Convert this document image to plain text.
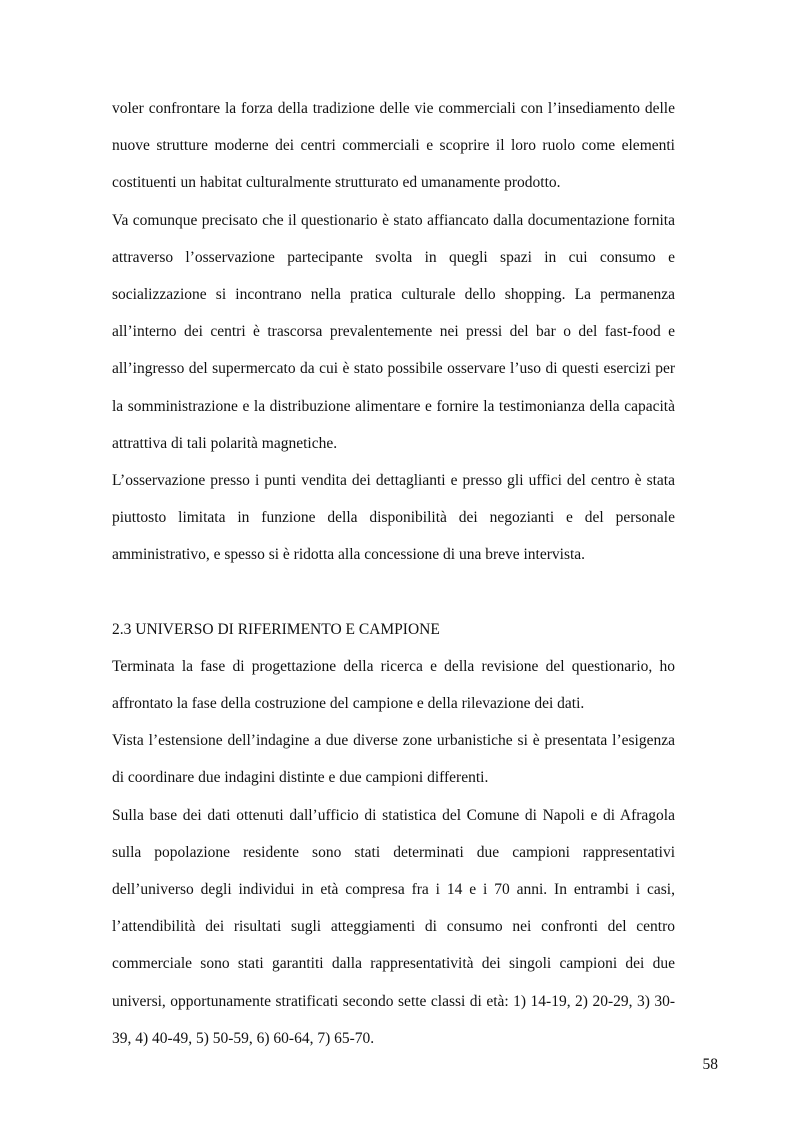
voler confrontare la forza della tradizione delle vie commerciali con l’insediamento delle nuove strutture moderne dei centri commerciali e scoprire il loro ruolo come elementi costituenti un habitat culturalmente strutturato ed umanamente prodotto.

Va comunque precisato che il questionario è stato affiancato dalla documentazione fornita attraverso l’osservazione partecipante svolta in quegli spazi in cui consumo e socializzazione si incontrano nella pratica culturale dello shopping. La permanenza all’interno dei centri è trascorsa prevalentemente nei pressi del bar o del fast-food e all’ingresso del supermercato da cui è stato possibile osservare l’uso di questi esercizi per la somministrazione e la distribuzione alimentare e fornire la testimonianza della capacità attrattiva di tali polarità magnetiche.

L’osservazione presso i punti vendita dei dettaglianti e presso gli uffici del centro è stata piuttosto limitata in funzione della disponibilità dei negozianti e del personale amministrativo, e spesso si è ridotta alla concessione di una breve intervista.

2.3 UNIVERSO DI RIFERIMENTO E CAMPIONE

Terminata la fase di progettazione della ricerca e della revisione del questionario, ho affrontato la fase della costruzione del campione e della rilevazione dei dati.

Vista l’estensione dell’indagine a due diverse zone urbanistiche si è presentata l’esigenza di coordinare due indagini distinte e due campioni differenti.

Sulla base dei dati ottenuti dall’ufficio di statistica del Comune di Napoli e di Afragola sulla popolazione residente sono stati determinati due campioni rappresentativi dell’universo degli individui in età compresa fra i 14 e i 70 anni. In entrambi i casi, l’attendibilità dei risultati sugli atteggiamenti di consumo nei confronti del centro commerciale sono stati garantiti dalla rappresentatività dei singoli campioni dei due universi, opportunamente stratificati secondo sette classi di età: 1) 14-19, 2) 20-29, 3) 30-39, 4) 40-49, 5) 50-59, 6) 60-64, 7) 65-70.

58
